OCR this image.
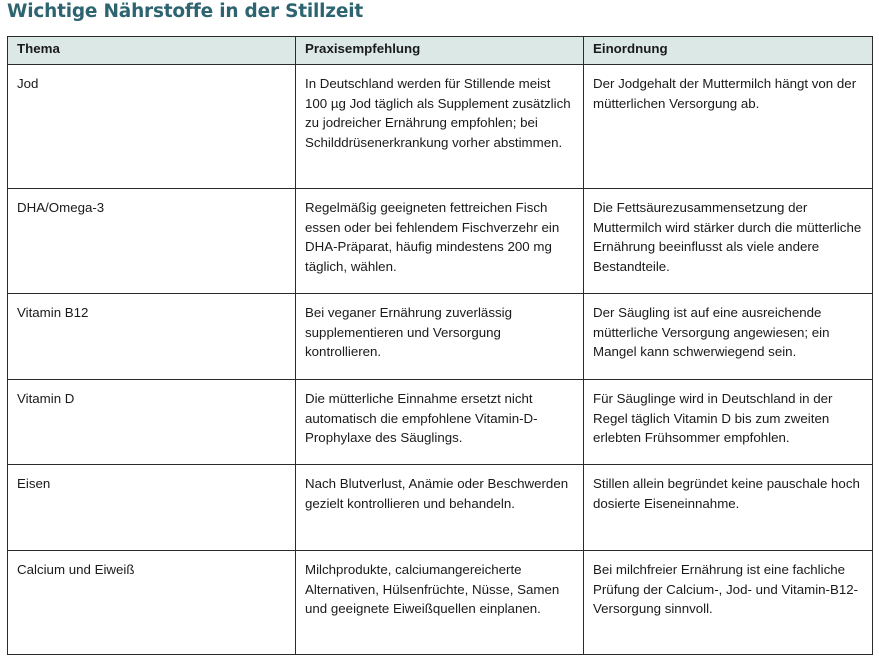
Wichtige Nährstoffe in der Stillzeit
Thema	Praxisempfehlung	Einordnung
Jod	In Deutschland werden für Stillende meist 100 µg Jod täglich als Supplement zusätzlich zu jodreicher Ernährung empfohlen; bei Schilddrüsenerkrankung vorher abstimmen.	Der Jodgehalt der Muttermilch hängt von der mütterlichen Versorgung ab.
DHA/Omega-3	Regelmäßig geeigneten fettreichen Fisch essen oder bei fehlendem Fischverzehr ein DHA-Präparat, häufig mindestens 200 mg täglich, wählen.	Die Fettsäurezusammensetzung der Muttermilch wird stärker durch die mütterliche Ernährung beeinflusst als viele andere Bestandteile.
Vitamin B12	Bei veganer Ernährung zuverlässig supplementieren und Versorgung kontrollieren.	Der Säugling ist auf eine ausreichende mütterliche Versorgung angewiesen; ein Mangel kann schwerwiegend sein.
Vitamin D	Die mütterliche Einnahme ersetzt nicht automatisch die empfohlene Vitamin-D-Prophylaxe des Säuglings.	Für Säuglinge wird in Deutschland in der Regel täglich Vitamin D bis zum zweiten erlebten Frühsommer empfohlen.
Eisen	Nach Blutverlust, Anämie oder Beschwerden gezielt kontrollieren und behandeln.	Stillen allein begründet keine pauschale hoch dosierte Eiseneinnahme.
Calcium und Eiweiß	Milchprodukte, calciumangereicherte Alternativen, Hülsenfrüchte, Nüsse, Samen und geeignete Eiweißquellen einplanen.	Bei milchfreier Ernährung ist eine fachliche Prüfung der Calcium-, Jod- und Vitamin-B12-Versorgung sinnvoll.
